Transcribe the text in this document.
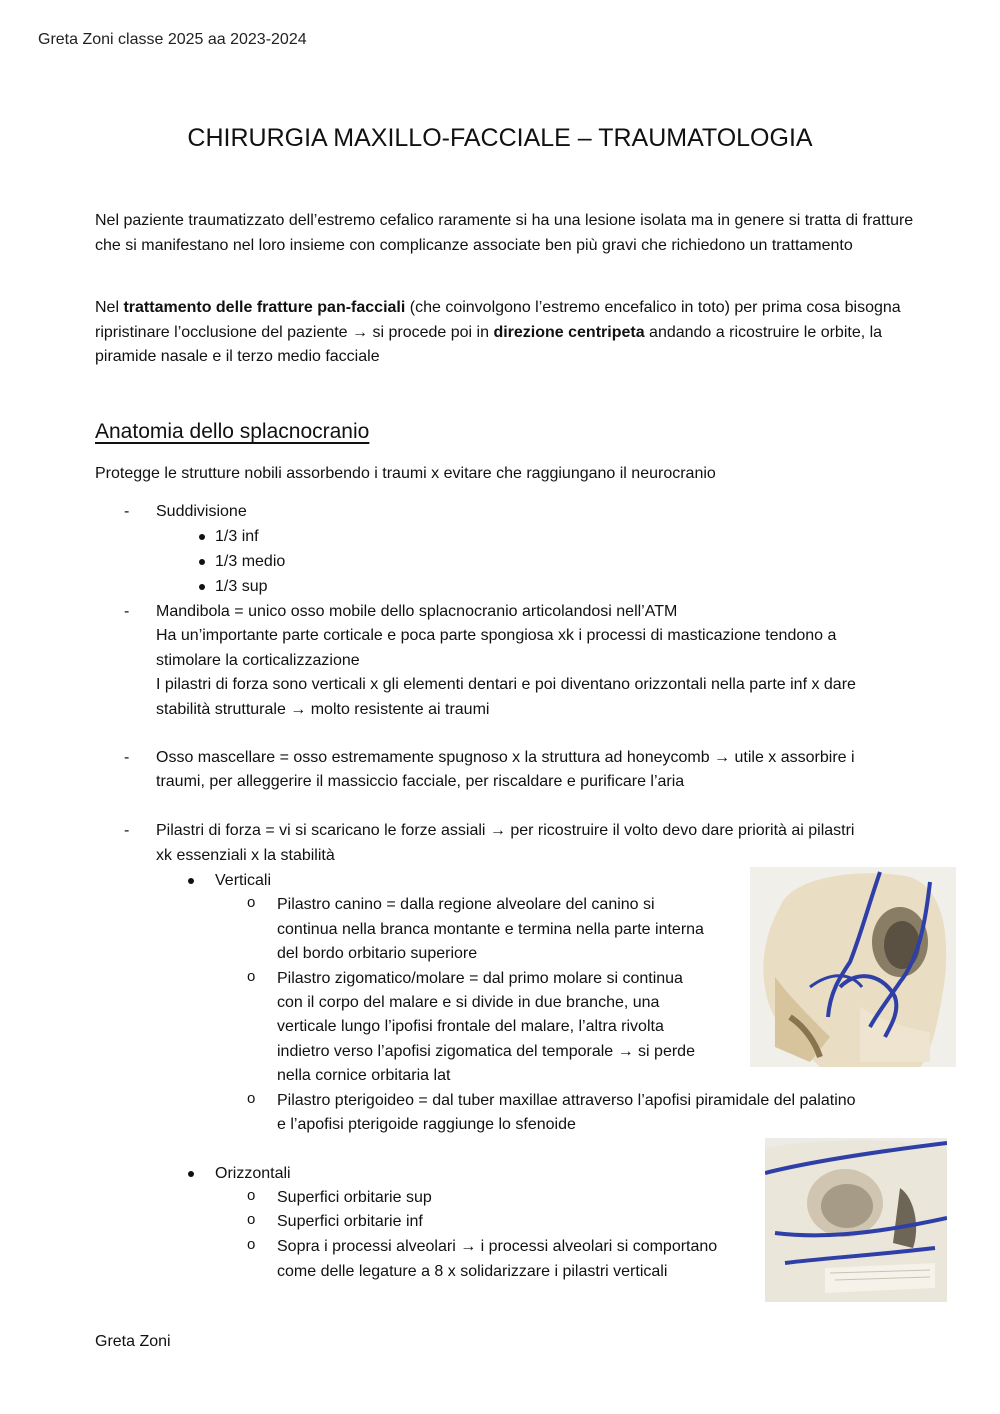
Greta Zoni classe 2025 aa 2023-2024
CHIRURGIA MAXILLO-FACCIALE – TRAUMATOLOGIA
Nel paziente traumatizzato dell’estremo cefalico raramente si ha una lesione isolata ma in genere si tratta di fratture che si manifestano nel loro insieme con complicanze associate ben più gravi che richiedono un trattamento
Nel trattamento delle fratture pan-facciali (che coinvolgono l’estremo encefalico in toto) per prima cosa bisogna ripristinare l’occlusione del paziente → si procede poi in direzione centripeta andando a ricostruire le orbite, la piramide nasale e il terzo medio facciale
Anatomia dello splacnocranio
Protegge le strutture nobili assorbendo i traumi x evitare che raggiungano il neurocranio
- Suddivisione
1/3 inf
1/3 medio
1/3 sup
- Mandibola = unico osso mobile dello splacnocranio articolandosi nell’ATM
Ha un’importante parte corticale e poca parte spongiosa xk i processi di masticazione tendono a
stimolare la corticalizzazione
I pilastri di forza sono verticali x gli elementi dentari e poi diventano orizzontali nella parte inf x dare
stabilità strutturale → molto resistente ai traumi
- Osso mascellare = osso estremamente spugnoso x la struttura ad honeycomb → utile x assorbire i
traumi, per alleggerire il massiccio facciale, per riscaldare e purificare l’aria
- Pilastri di forza = vi si scaricano le forze assiali → per ricostruire il volto devo dare priorità ai pilastri
xk essenziali x la stabilità
Verticali
o Pilastro canino = dalla regione alveolare del canino si
continua nella branca montante e termina nella parte interna
del bordo orbitario superiore
o Pilastro zigomatico/molare = dal primo molare si continua
con il corpo del malare e si divide in due branche, una
verticale lungo l’ipofisi frontale del malare, l’altra rivolta
indietro verso l’apofisi zigomatica del temporale → si perde
nella cornice orbitaria lat
o Pilastro pterigoideo = dal tuber maxillae attraverso l’apofisi piramidale del palatino
e l’apofisi pterigoide raggiunge lo sfenoide
Orizzontali
o Superfici orbitarie sup
o Superfici orbitarie inf
o Sopra i processi alveolari → i processi alveolari si comportano
come delle legature a 8 x solidarizzare i pilastri verticali
Greta Zoni
